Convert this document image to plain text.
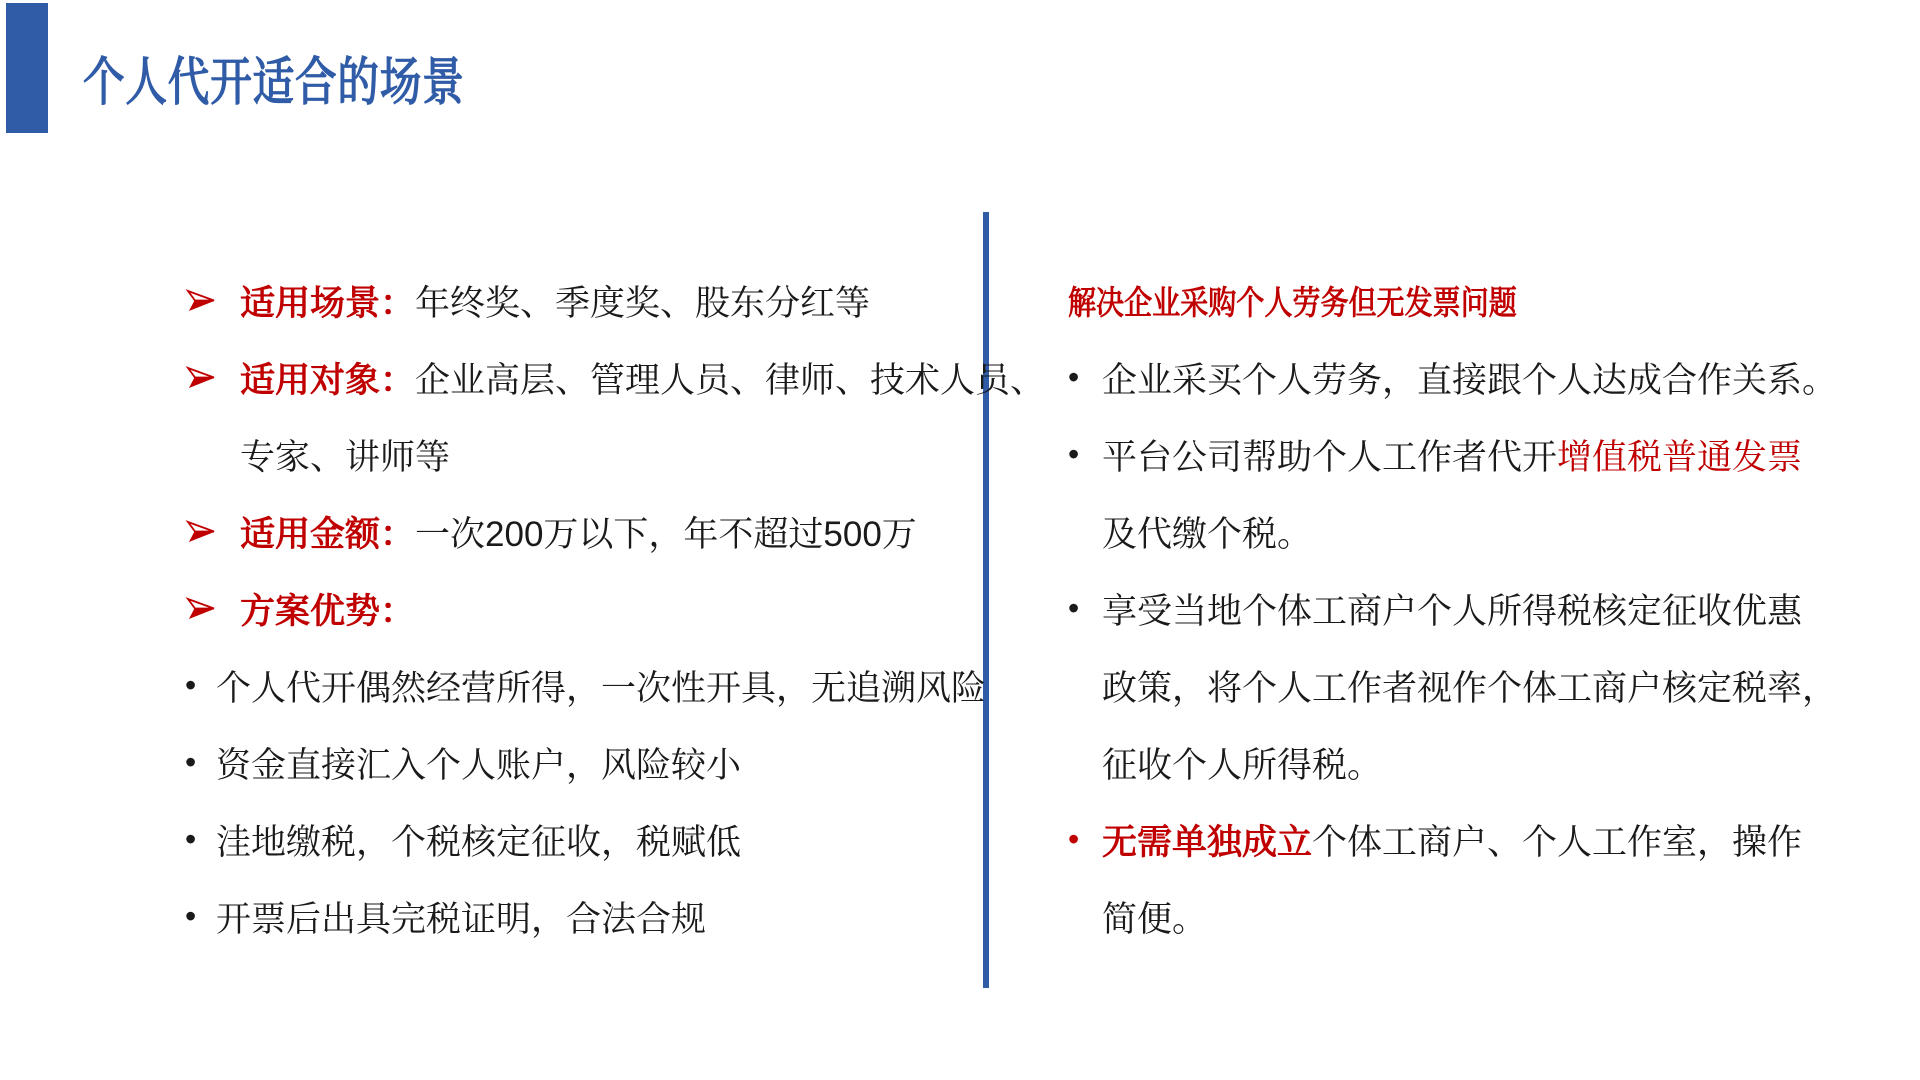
个人代开适合的场景
适用场景： 年终奖、季度奖、股东分红等
适用对象： 企业高层、管理人员、律师、技术人员、
专家、讲师等
适用金额： 一次200万以下，年不超过500万
方案优势：
• 个人代开偶然经营所得，一次性开具，无追溯风险
• 资金直接汇入个人账户，风险较小
• 洼地缴税，个税核定征收，税赋低
• 开票后出具完税证明，合法合规
解决企业采购个人劳务但无发票问题
• 企业采买个人劳务，直接跟个人达成合作关系。
• 平台公司帮助个人工作者代开 增值税普通发票
及代缴个税。
• 享受当地个体工商户个人所得税核定征收优惠
政策，将个人工作者视作个体工商户核定税率，
征收个人所得税。
• 无需单独成立 个体工商户、个人工作室，操作
简便。
